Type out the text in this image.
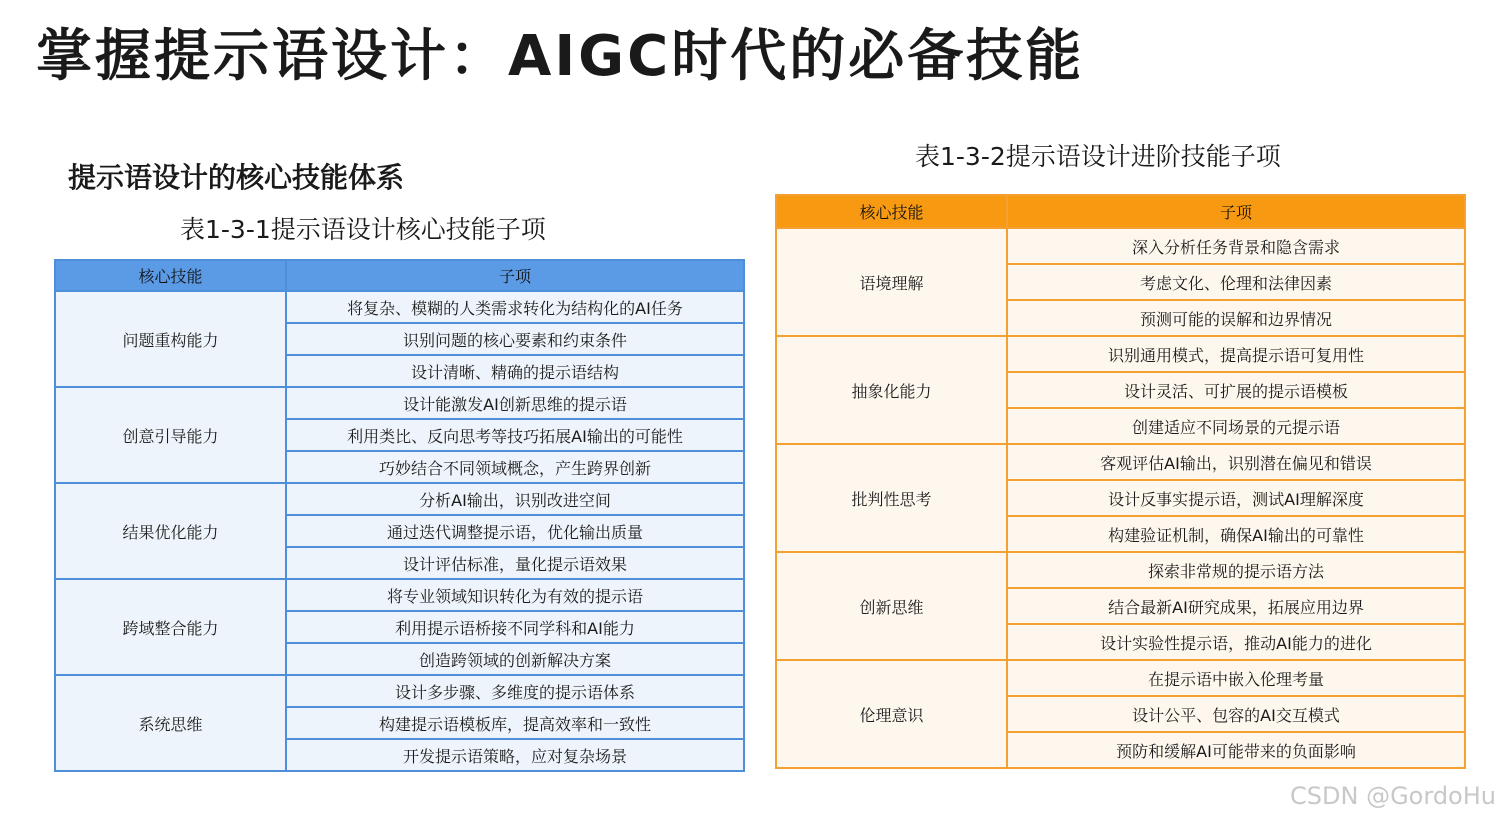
掌握提示语设计：AIGC时代的必备技能
提示语设计的核心技能体系
表1-3-1提示语设计核心技能子项
表1-3-2提示语设计进阶技能子项
核心技能	子项
问题重构能力	将复杂、模糊的人类需求转化为结构化的AI任务
	识别问题的核心要素和约束条件
	设计清晰、精确的提示语结构
创意引导能力	设计能激发AI创新思维的提示语
	利用类比、反向思考等技巧拓展AI输出的可能性
	巧妙结合不同领域概念，产生跨界创新
结果优化能力	分析AI输出，识别改进空间
	通过迭代调整提示语，优化输出质量
	设计评估标准，量化提示语效果
跨域整合能力	将专业领域知识转化为有效的提示语
	利用提示语桥接不同学科和AI能力
	创造跨领域的创新解决方案
系统思维	设计多步骤、多维度的提示语体系
	构建提示语模板库，提高效率和一致性
	开发提示语策略，应对复杂场景
核心技能	子项
语境理解	深入分析任务背景和隐含需求
	考虑文化、伦理和法律因素
	预测可能的误解和边界情况
抽象化能力	识别通用模式，提高提示语可复用性
	设计灵活、可扩展的提示语模板
	创建适应不同场景的元提示语
批判性思考	客观评估AI输出，识别潜在偏见和错误
	设计反事实提示语，测试AI理解深度
	构建验证机制，确保AI输出的可靠性
创新思维	探索非常规的提示语方法
	结合最新AI研究成果，拓展应用边界
	设计实验性提示语，推动AI能力的进化
伦理意识	在提示语中嵌入伦理考量
	设计公平、包容的AI交互模式
	预防和缓解AI可能带来的负面影响
CSDN @GordoHu
